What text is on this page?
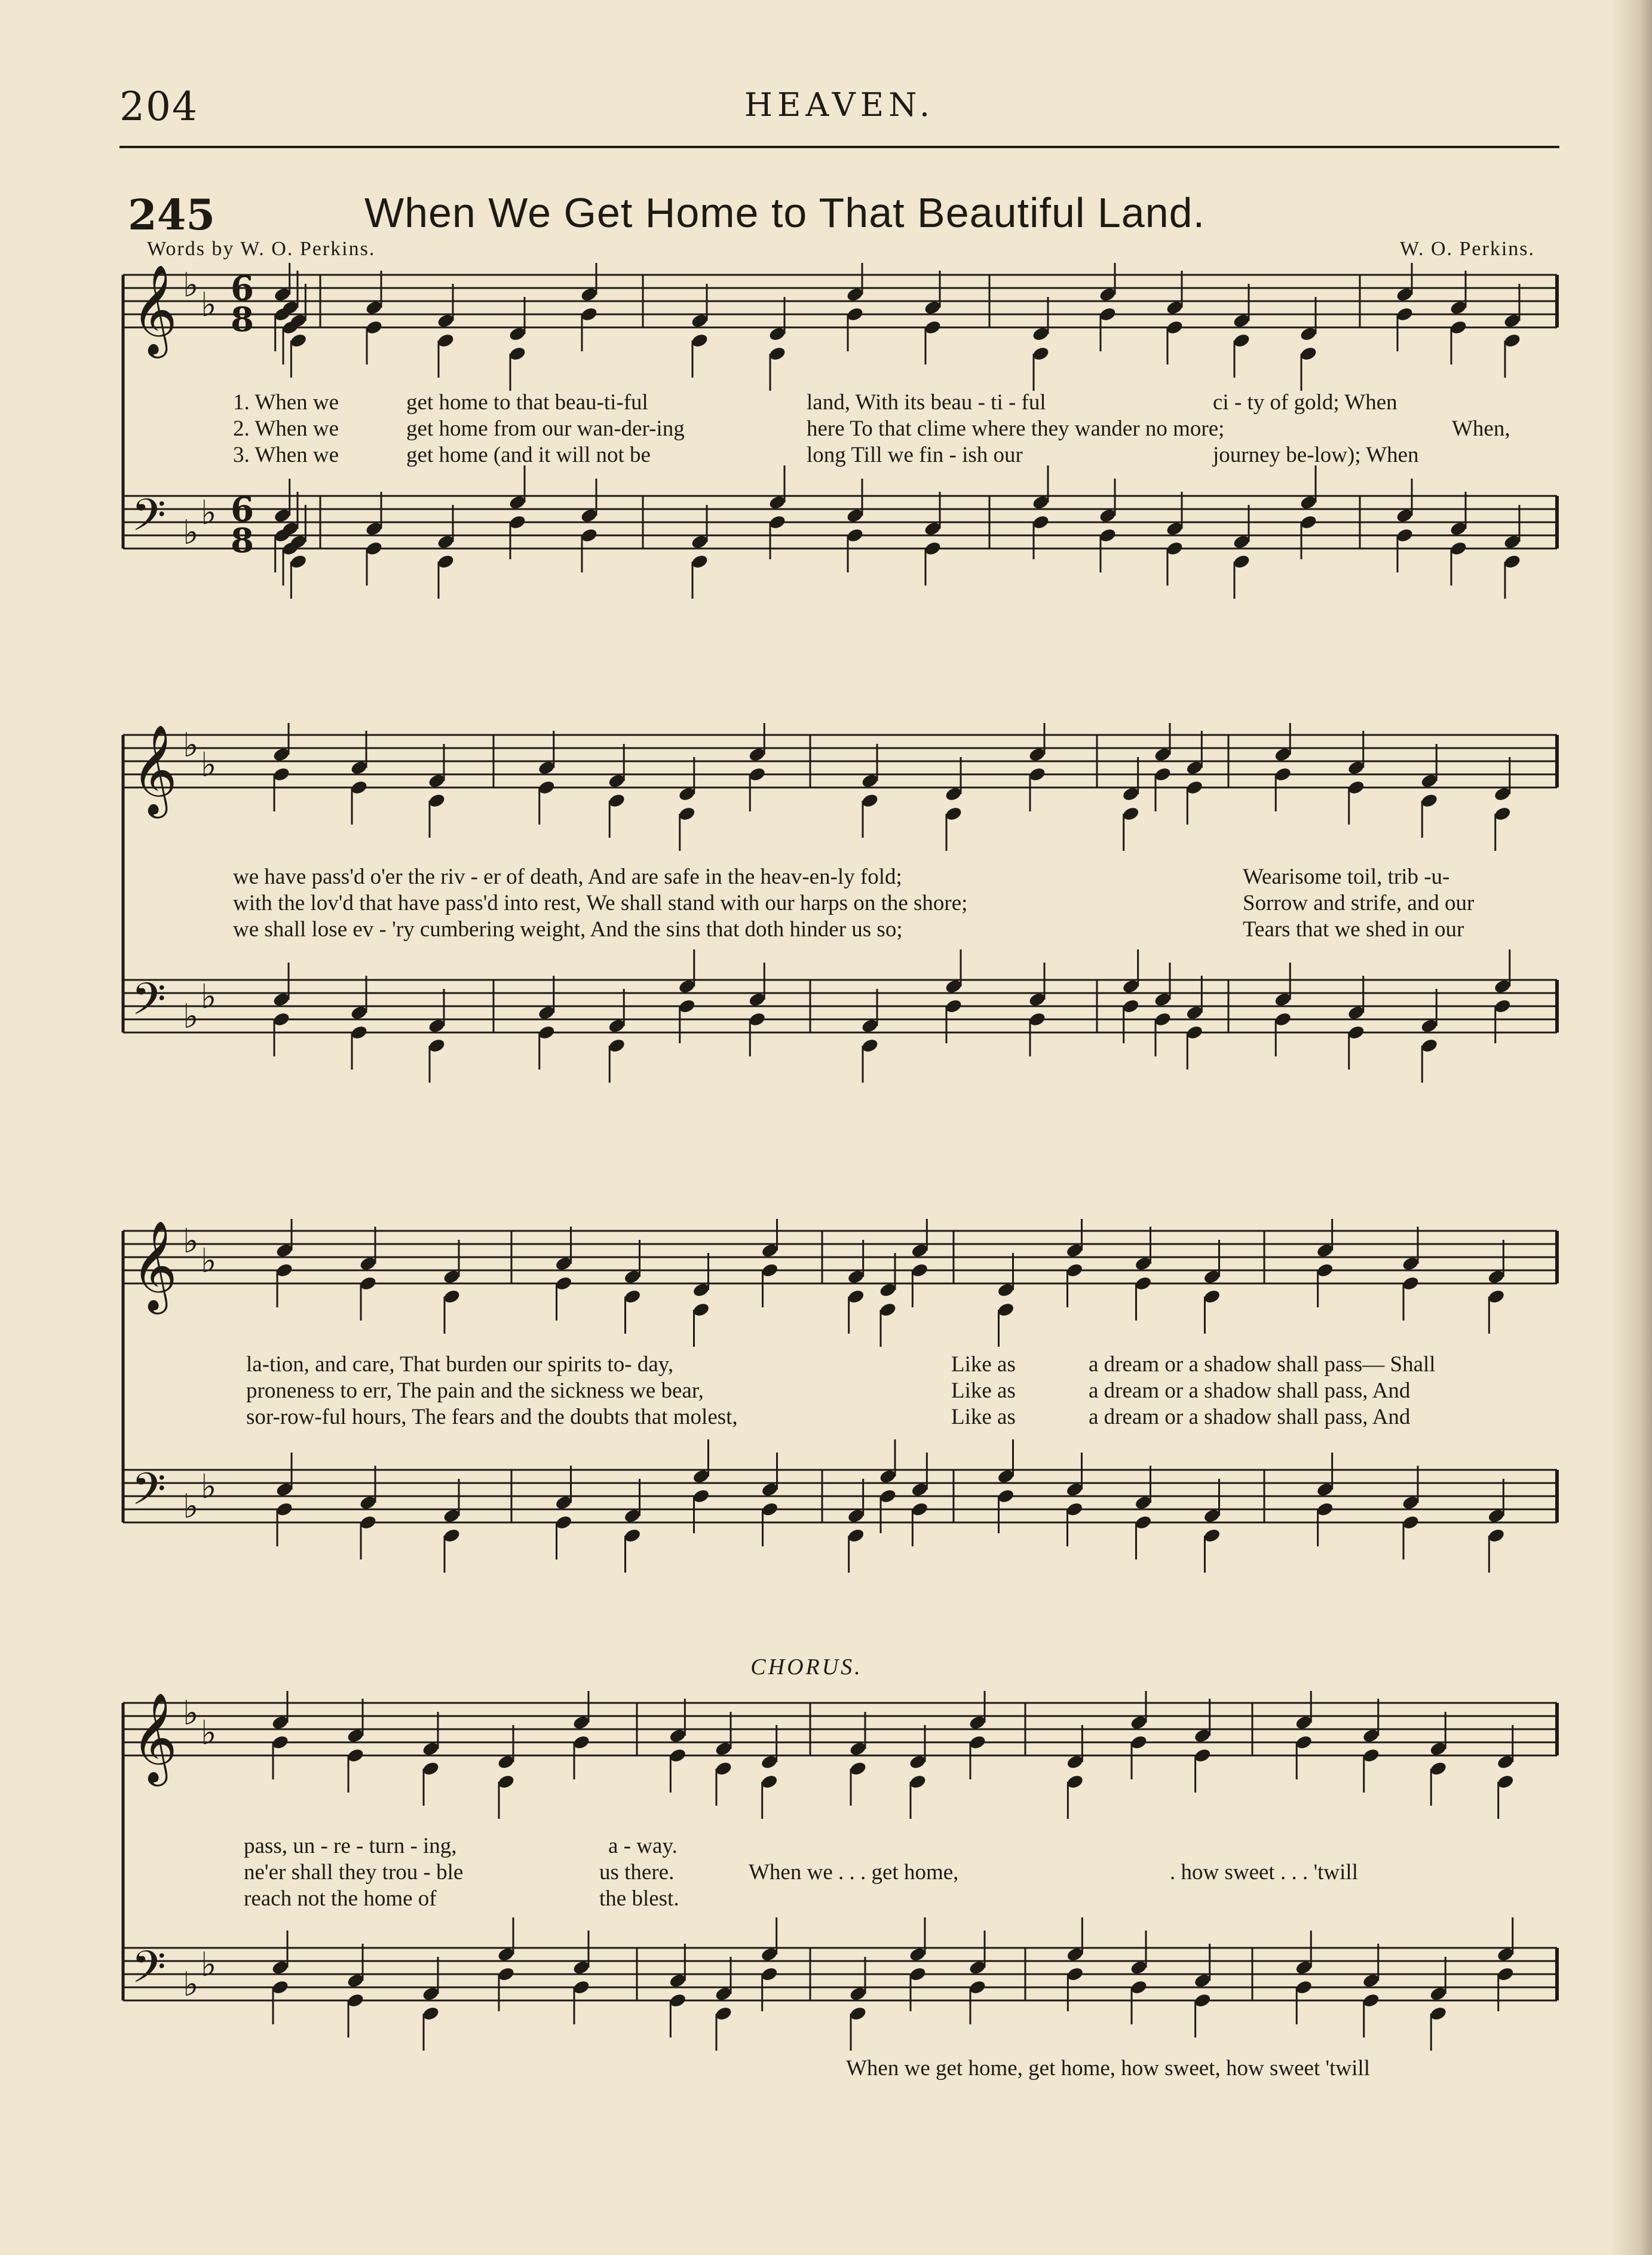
204	HEAVEN.
245	When We Get Home to That Beautiful Land.
Words by W. O. Perkins.	W. O. Perkins.
𝄞
𝄢
♭
♭
♭
♭
6
8
6
8
1. When we	get home to that beau-ti-ful	land, With its beau - ti - ful	ci - ty of gold; When
2. When we	get home from our wan-der-ing	here To that clime where they wander no more;	When,
3. When we	get home (and it will not be	long Till we fin - ish our	journey be-low); When
𝄞
𝄢
♭
♭
♭
♭
we have pass'd o'er the riv - er of death, And are safe in the heav-en-ly fold;	Wearisome toil, trib -u-
with the lov'd that have pass'd into rest, We shall stand with our harps on the shore;	Sorrow and strife, and our
we shall lose ev - 'ry cumbering weight, And the sins that doth hinder us so;	Tears that we shed in our
𝄞
𝄢
♭
♭
♭
♭
la-tion, and care, That burden our spirits to- day,	Like as	a dream or a shadow shall pass— Shall
proneness to err, The pain and the sickness we bear,	Like as	a dream or a shadow shall pass, And
sor-row-ful hours, The fears and the doubts that molest,	Like as	a dream or a shadow shall pass, And
CHORUS.
𝄞
𝄢
♭
♭
♭
♭
pass, un - re - turn - ing,	a - way.
ne'er shall they trou - ble	us there.	When we . . . get home,	. how sweet . . . 'twill
reach not the home of	the blest.
When we get home, get home, how sweet, how sweet 'twill
